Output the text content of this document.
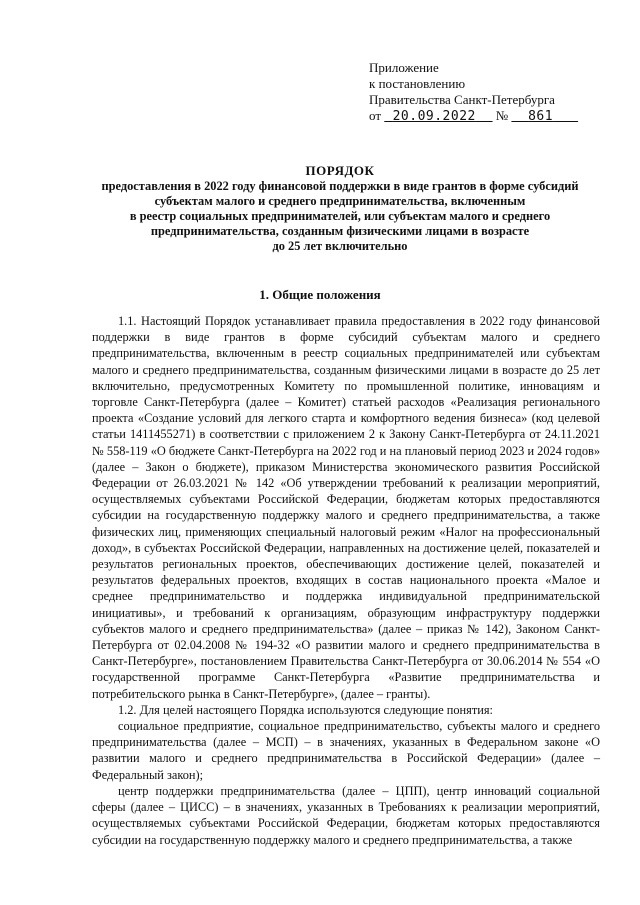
Приложение
к постановлению
Правительства Санкт-Петербурга
от 20.09.2022 № 861
ПОРЯДОК
предоставления в 2022 году финансовой поддержки в виде грантов в форме субсидий
субъектам малого и среднего предпринимательства, включенным
в реестр социальных предпринимателей, или субъектам малого и среднего
предпринимательства, созданным физическими лицами в возрасте
до 25 лет включительно
1. Общие положения

1.1. Настоящий Порядок устанавливает правила предоставления в 2022 году финансовой поддержки в виде грантов в форме субсидий субъектам малого и среднего предпринимательства, включенным в реестр социальных предпринимателей или субъектам малого и среднего предпринимательства, созданным физическими лицами в возрасте до 25 лет включительно, предусмотренных Комитету по промышленной политике, инновациям и торговле Санкт-Петербурга (далее – Комитет) статьей расходов «Реализация регионального проекта «Создание условий для легкого старта и комфортного ведения бизнеса» (код целевой статьи 1411455271) в соответствии с приложением 2 к Закону Санкт-Петербурга от 24.11.2021 № 558-119 «О бюджете Санкт-Петербурга на 2022 год и на плановый период 2023 и 2024 годов» (далее – Закон о бюджете), приказом Министерства экономического развития Российской Федерации от 26.03.2021 № 142 «Об утверждении требований к реализации мероприятий, осуществляемых субъектами Российской Федерации, бюджетам которых предоставляются субсидии на государственную поддержку малого и среднего предпринимательства, а также физических лиц, применяющих специальный налоговый режим «Налог на профессиональный доход», в субъектах Российской Федерации, направленных на достижение целей, показателей и результатов региональных проектов, обеспечивающих достижение целей, показателей и результатов федеральных проектов, входящих в состав национального проекта «Малое и среднее предпринимательство и поддержка индивидуальной предпринимательской инициативы», и требований к организациям, образующим инфраструктуру поддержки субъектов малого и среднего предпринимательства» (далее – приказ № 142), Законом Санкт-Петербурга от 02.04.2008 № 194-32 «О развитии малого и среднего предпринимательства в Санкт-Петербурге», постановлением Правительства Санкт-Петербурга от 30.06.2014 № 554 «О государственной программе Санкт-Петербурга «Развитие предпринимательства и потребительского рынка в Санкт-Петербурге», (далее – гранты).

1.2. Для целей настоящего Порядка используются следующие понятия:

социальное предприятие, социальное предпринимательство, субъекты малого и среднего предпринимательства (далее – МСП) – в значениях, указанных в Федеральном законе «О развитии малого и среднего предпринимательства в Российской Федерации» (далее – Федеральный закон);

центр поддержки предпринимательства (далее – ЦПП), центр инноваций социальной сферы (далее – ЦИСС) – в значениях, указанных в Требованиях к реализации мероприятий, осуществляемых субъектами Российской Федерации, бюджетам которых предоставляются субсидии на государственную поддержку малого и среднего предпринимательства, а также
